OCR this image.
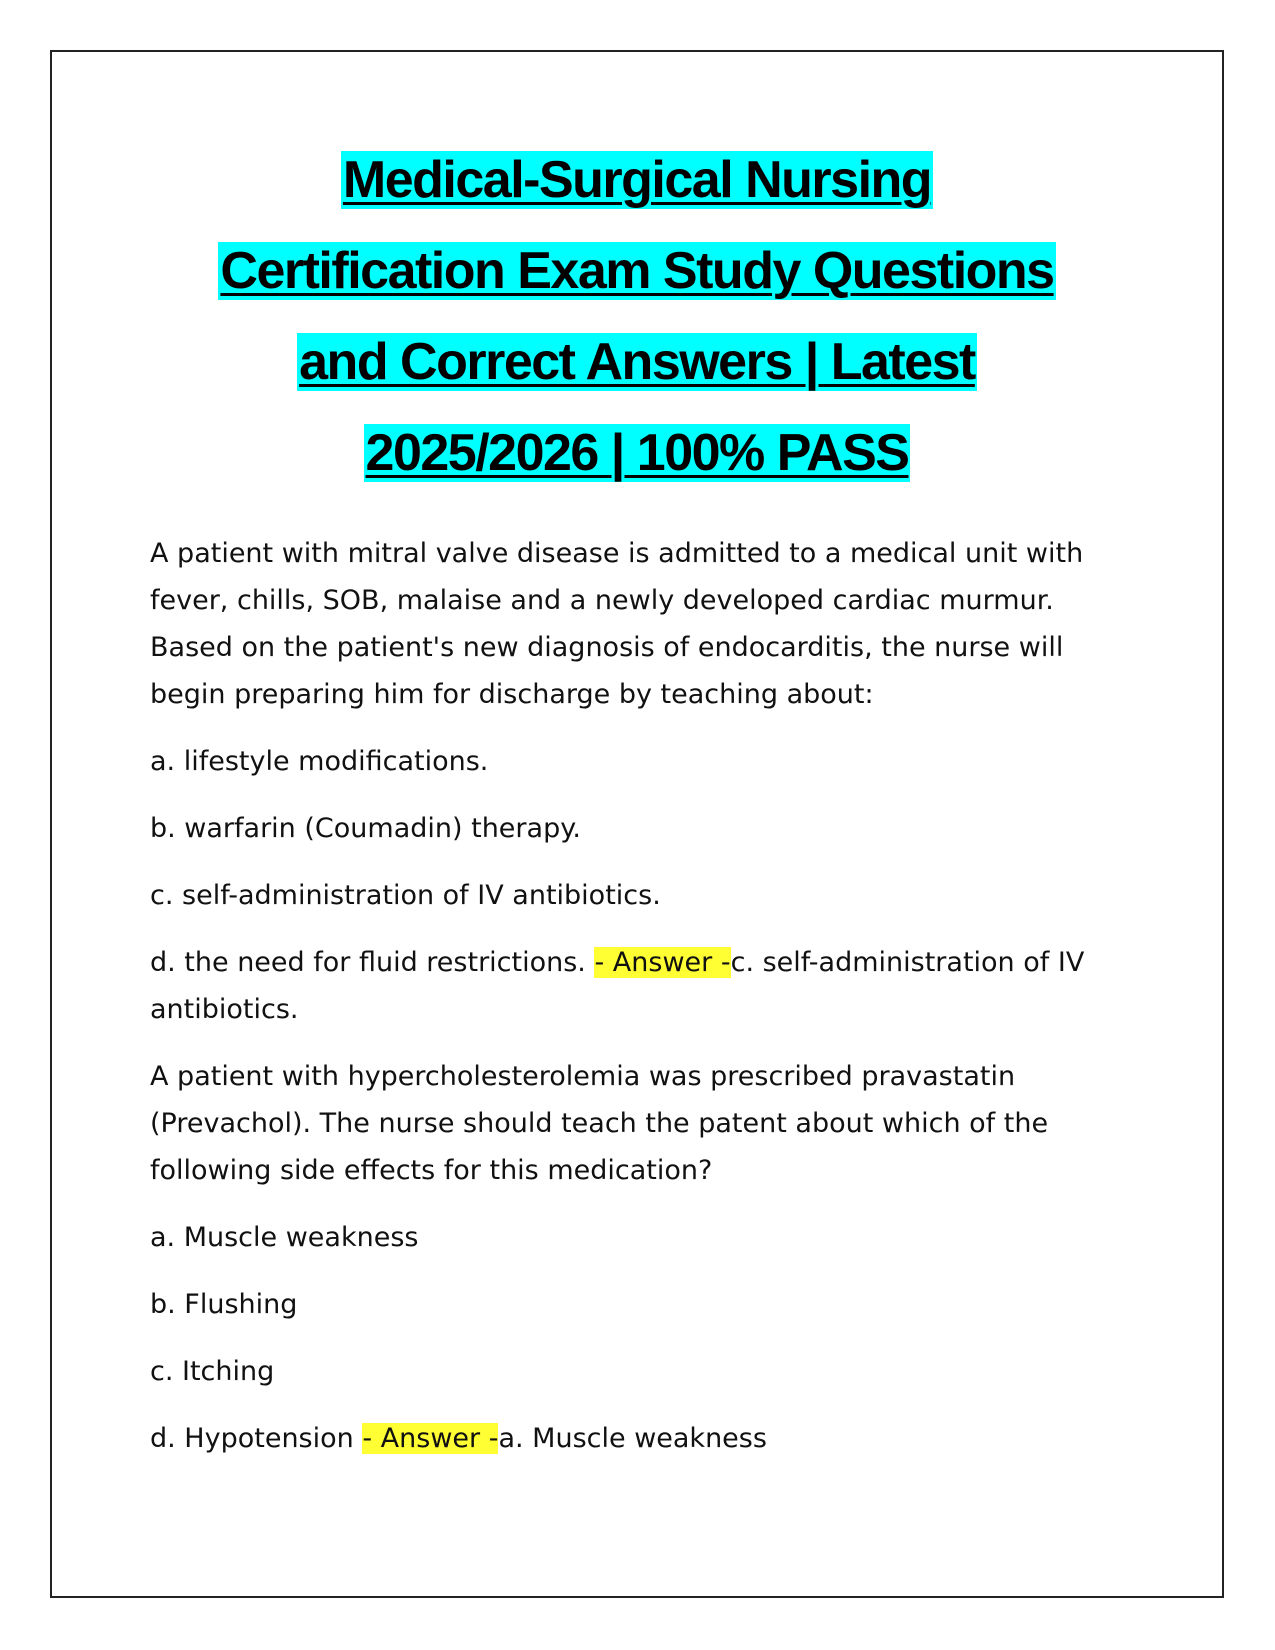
Medical-Surgical Nursing
Certification Exam Study Questions
and Correct Answers | Latest
2025/2026 | 100% PASS

A patient with mitral valve disease is admitted to a medical unit with fever, chills, SOB, malaise and a newly developed cardiac murmur. Based on the patient's new diagnosis of endocarditis, the nurse will begin preparing him for discharge by teaching about:

a. lifestyle modifications.

b. warfarin (Coumadin) therapy.

c. self-administration of IV antibiotics.

d. the need for fluid restrictions. - Answer -c. self-administration of IV antibiotics.

A patient with hypercholesterolemia was prescribed pravastatin (Prevachol). The nurse should teach the patent about which of the following side effects for this medication?

a. Muscle weakness

b. Flushing

c. Itching

d. Hypotension - Answer -a. Muscle weakness
